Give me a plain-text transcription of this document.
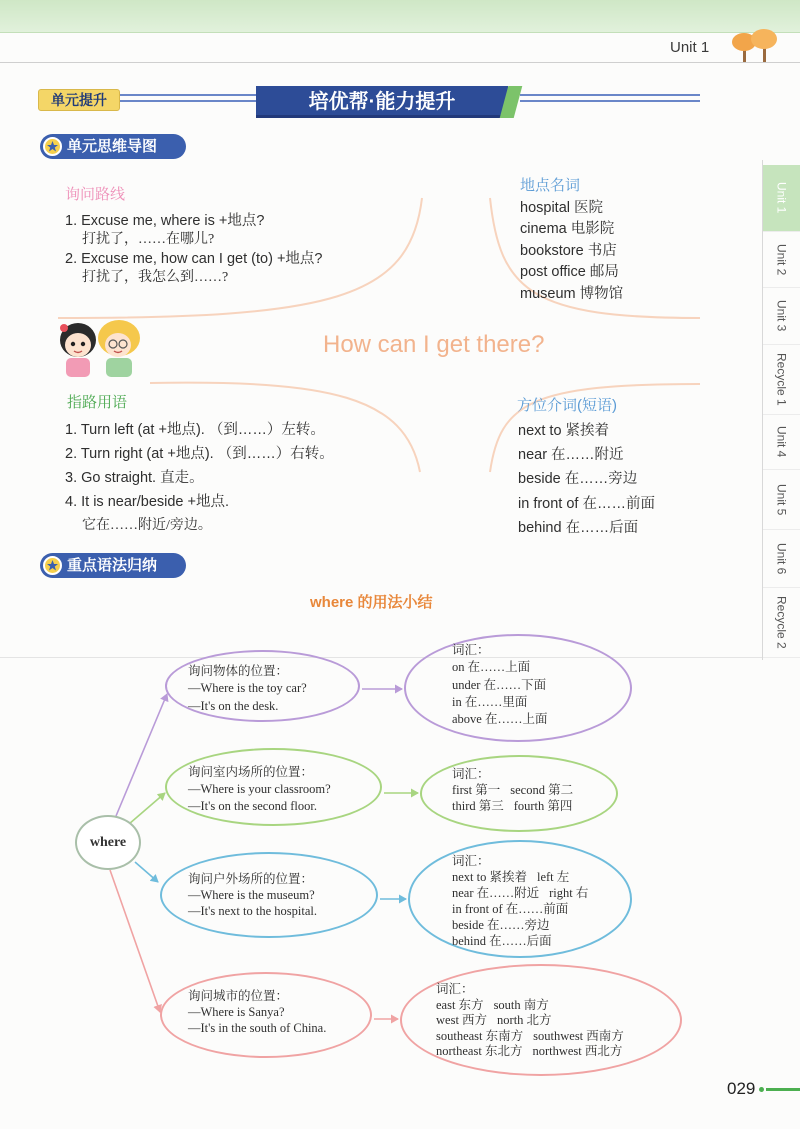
Unit 1
单元提升	培优帮·能力提升
单元思维导图
询问路线
1. Excuse me, where is +地点?
打扰了，……在哪儿?
2. Excuse me, how can I get (to) +地点?
打扰了，我怎么到……?
地点名词
hospital 医院
cinema 电影院
bookstore 书店
post office 邮局
museum 博物馆
How can I get there?
指路用语
1. Turn left (at +地点). （到……）左转。
2. Turn right (at +地点). （到……）右转。
3. Go straight. 直走。
4. It is near/beside +地点.
它在……附近/旁边。
方位介词(短语)
next to 紧挨着
near 在……附近
beside 在……旁边
in front of 在……前面
behind 在……后面
重点语法归纳
where 的用法小结
where
询问物体的位置：
—Where is the toy car?
—It's on the desk.
词汇：
on 在……上面
under 在……下面
in 在……里面
above 在……上面
询问室内场所的位置：
—Where is your classroom?
—It's on the second floor.
词汇：
first 第一 second 第二
third 第三 fourth 第四
询问户外场所的位置：
—Where is the museum?
—It's next to the hospital.
词汇：
next to 紧挨着 left 左
near 在……附近 right 右
in front of 在……前面
beside 在……旁边
behind 在……后面
询问城市的位置：
—Where is Sanya?
—It's in the south of China.
词汇：
east 东方 south 南方
west 西方 north 北方
southeast 东南方 southwest 西南方
northeast 东北方 northwest 西北方
Unit 1
Unit 2
Unit 3
Recycle 1
Unit 4
Unit 5
Unit 6
Recycle 2
029
